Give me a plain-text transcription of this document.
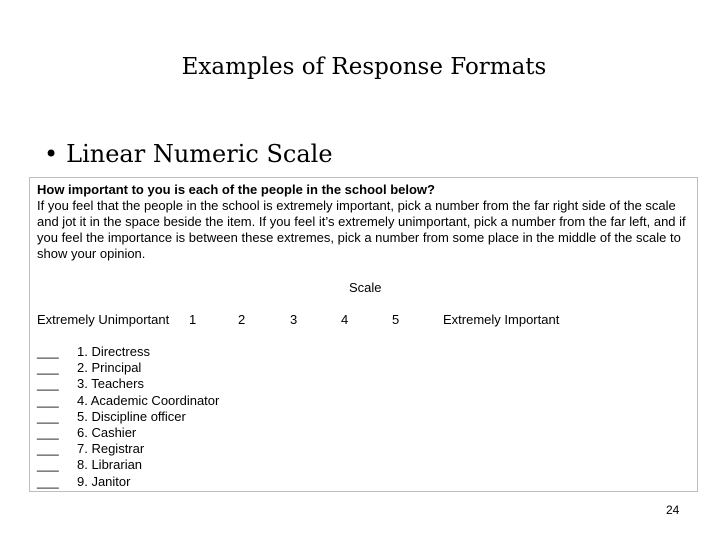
Examples of Response Formats
• Linear Numeric Scale
How important to you is each of the people in the school below?
If you feel that the people in the school is extremely important, pick a number from the far right side of the scale and jot it in the space beside the item. If you feel it’s extremely unimportant, pick a number from the far left, and if you feel the importance is between these extremes, pick a number from some place in the middle of the scale to show your opinion.
Scale
Extremely Unimportant 1	2	3	4	5	Extremely Important
___ 1. Directress
___ 2. Principal
___ 3. Teachers
___ 4. Academic Coordinator
___ 5. Discipline officer
___ 6. Cashier
___ 7. Registrar
___ 8. Librarian
___ 9. Janitor
24
